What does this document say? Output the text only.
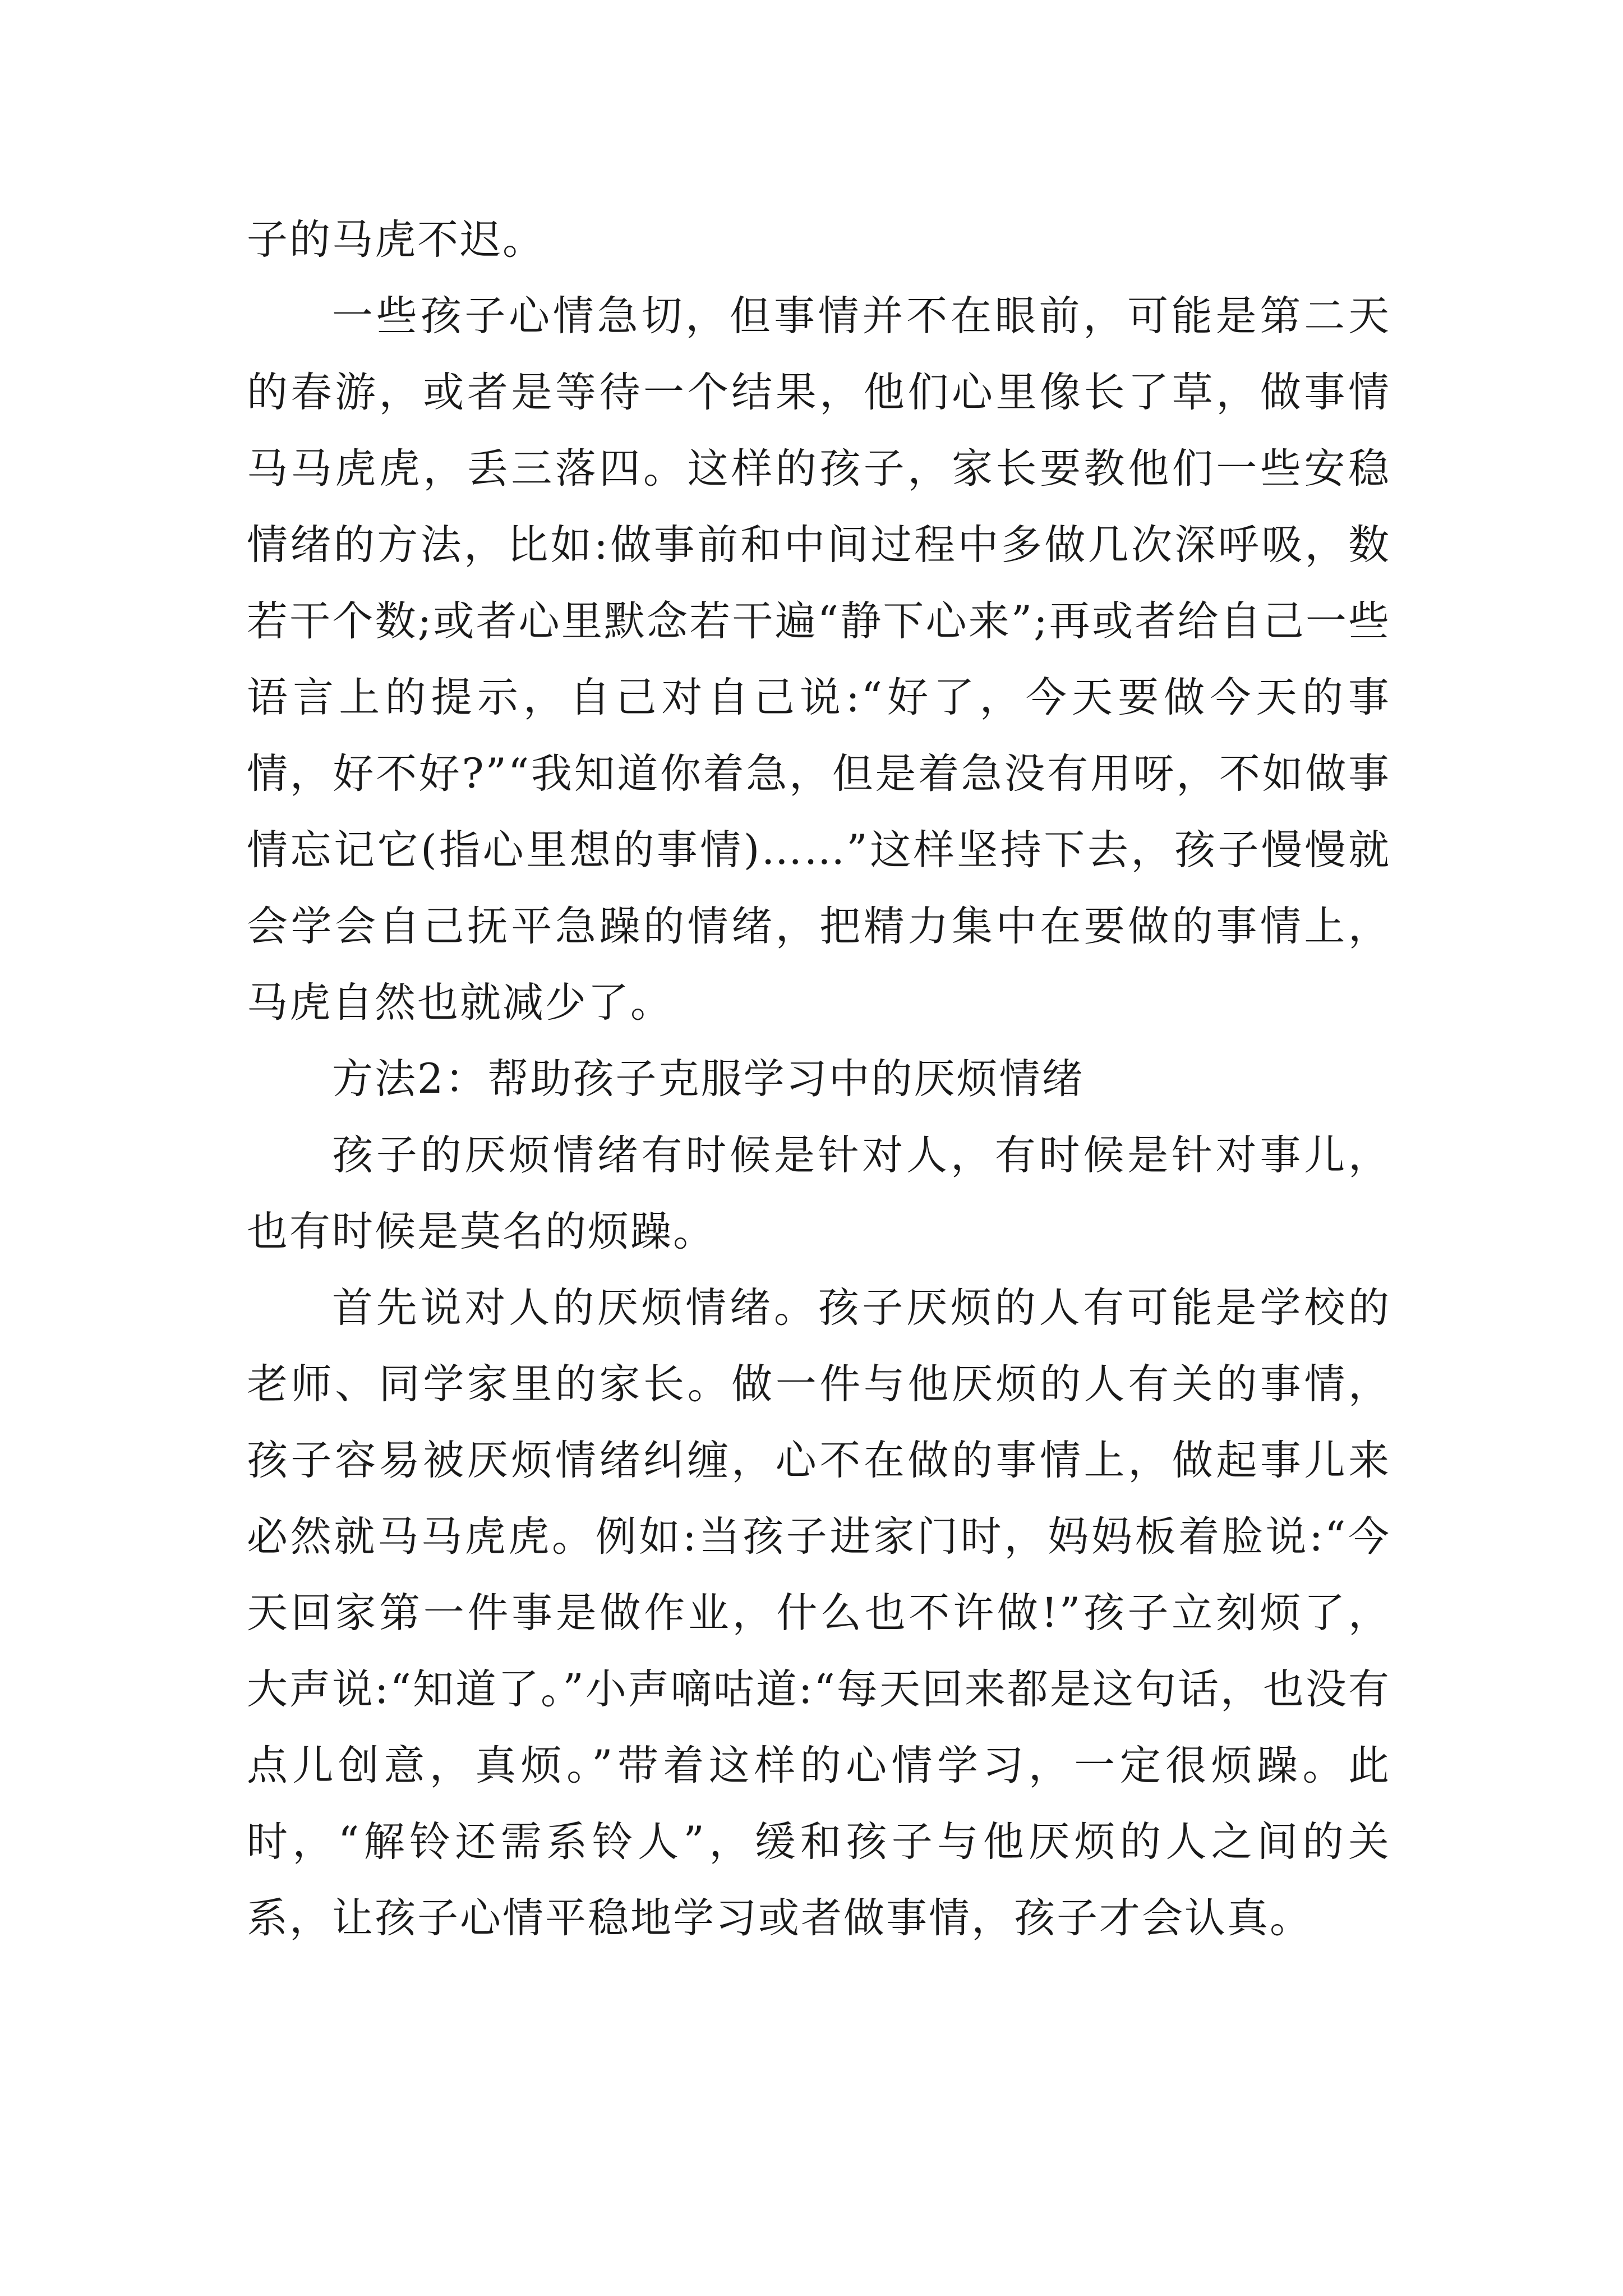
子的马虎不迟。

一些孩子心情急切，但事情并不在眼前，可能是第二天的春游，或者是等待一个结果，他们心里像长了草，做事情马马虎虎，丢三落四。这样的孩子，家长要教他们一些安稳情绪的方法，比如:做事前和中间过程中多做几次深呼吸，数若干个数;或者心里默念若干遍“静下心来”;再或者给自己一些语言上的提示，自己对自己说:“好了，今天要做今天的事情，好不好?”“我知道你着急，但是着急没有用呀，不如做事情忘记它(指心里想的事情)……”这样坚持下去，孩子慢慢就会学会自己抚平急躁的情绪，把精力集中在要做的事情上，马虎自然也就减少了。

方法2：帮助孩子克服学习中的厌烦情绪

孩子的厌烦情绪有时候是针对人，有时候是针对事儿，也有时候是莫名的烦躁。

首先说对人的厌烦情绪。孩子厌烦的人有可能是学校的老师、同学家里的家长。做一件与他厌烦的人有关的事情，孩子容易被厌烦情绪纠缠，心不在做的事情上，做起事儿来必然就马马虎虎。例如:当孩子进家门时，妈妈板着脸说:“今天回家第一件事是做作业，什么也不许做!”孩子立刻烦了，大声说:“知道了。”小声嘀咕道:“每天回来都是这句话，也没有点儿创意，真烦。”带着这样的心情学习，一定很烦躁。此时，“解铃还需系铃人”，缓和孩子与他厌烦的人之间的关系，让孩子心情平稳地学习或者做事情，孩子才会认真。
